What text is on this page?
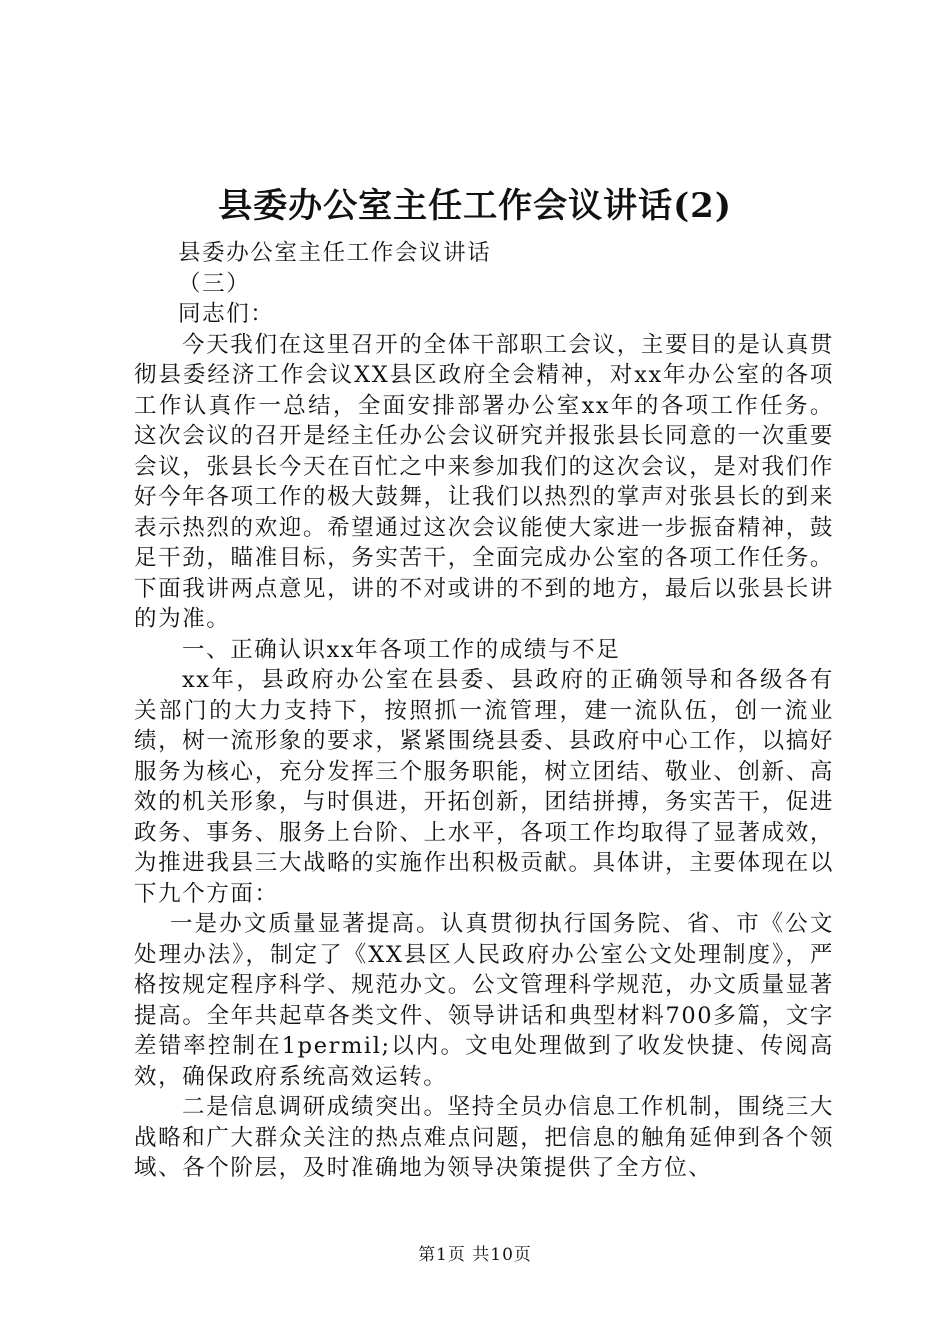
县委办公室主任工作会议讲话(2)

县委办公室主任工作会议讲话

（三）

同志们：

今天我们在这里召开的全体干部职工会议，主要目的是认真贯彻县委经济工作会议XX县区政府全会精神，对xx年办公室的各项工作认真作一总结，全面安排部署办公室xx年的各项工作任务。这次会议的召开是经主任办公会议研究并报张县长同意的一次重要会议，张县长今天在百忙之中来参加我们的这次会议，是对我们作好今年各项工作的极大鼓舞，让我们以热烈的掌声对张县长的到来表示热烈的欢迎。希望通过这次会议能使大家进一步振奋精神，鼓足干劲，瞄准目标，务实苦干，全面完成办公室的各项工作任务。下面我讲两点意见，讲的不对或讲的不到的地方，最后以张县长讲的为准。

一、正确认识xx年各项工作的成绩与不足

xx年，县政府办公室在县委、县政府的正确领导和各级各有关部门的大力支持下，按照抓一流管理，建一流队伍，创一流业绩，树一流形象的要求，紧紧围绕县委、县政府中心工作，以搞好服务为核心，充分发挥三个服务职能，树立团结、敬业、创新、高效的机关形象，与时俱进，开拓创新，团结拼搏，务实苦干，促进政务、事务、服务上台阶、上水平，各项工作均取得了显著成效，为推进我县三大战略的实施作出积极贡献。具体讲，主要体现在以下九个方面：

一是办文质量显著提高。认真贯彻执行国务院、省、市《公文处理办法》，制定了《XX县区人民政府办公室公文处理制度》，严格按规定程序科学、规范办文。公文管理科学规范，办文质量显著提高。全年共起草各类文件、领导讲话和典型材料700多篇，文字差错率控制在1permil;以内。文电处理做到了收发快捷、传阅高效，确保政府系统高效运转。

二是信息调研成绩突出。坚持全员办信息工作机制，围绕三大战略和广大群众关注的热点难点问题，把信息的触角延伸到各个领域、各个阶层，及时准确地为领导决策提供了全方位、

第1页 共10页
